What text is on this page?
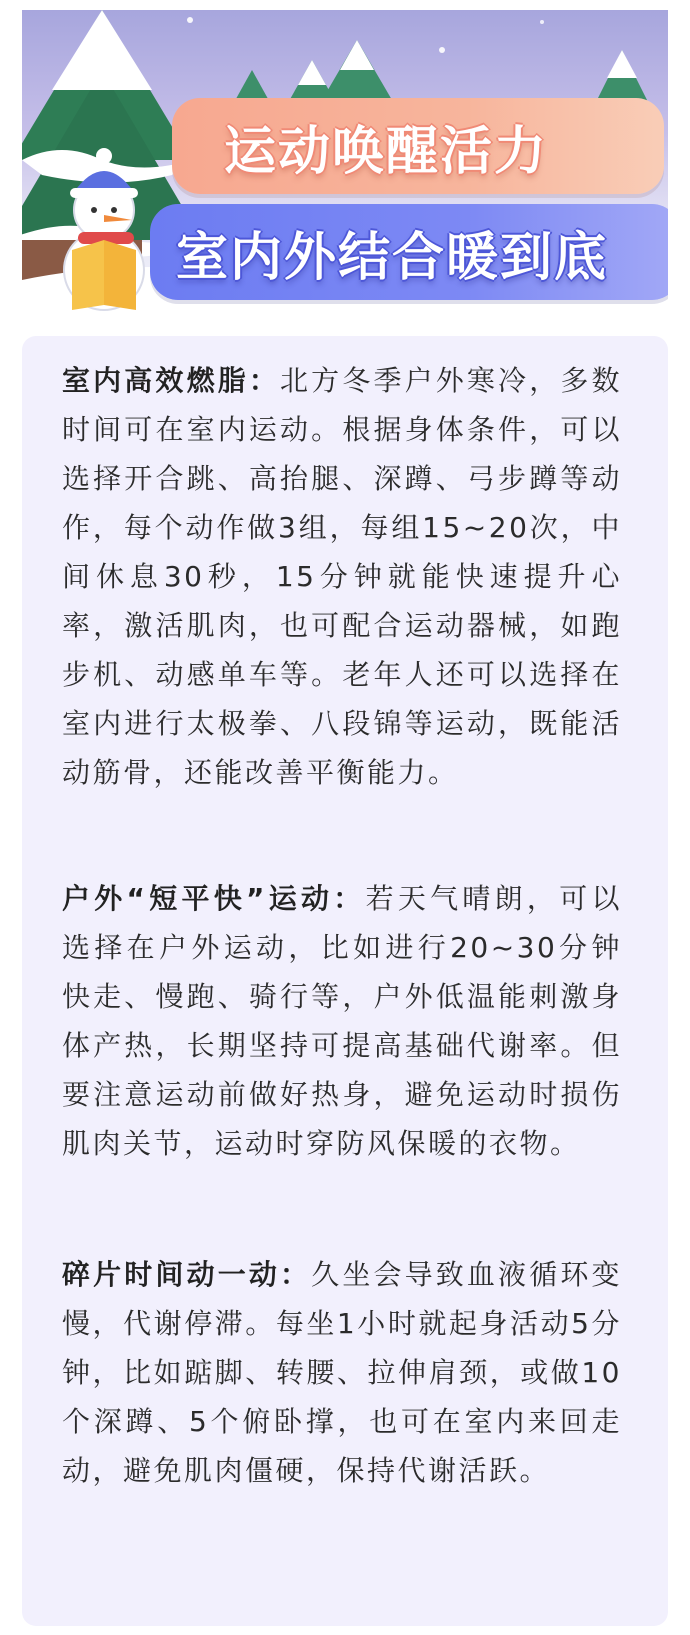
运动唤醒活力
室内外结合暖到底

室内高效燃脂：北方冬季户外寒冷，多数时间可在室内运动。根据身体条件，可以选择开合跳、高抬腿、深蹲、弓步蹲等动作，每个动作做3组，每组15~20次，中间休息30秒，15分钟就能快速提升心率，激活肌肉，也可配合运动器械，如跑步机、动感单车等。老年人还可以选择在室内进行太极拳、八段锦等运动，既能活动筋骨，还能改善平衡能力。

户外“短平快”运动：若天气晴朗，可以选择在户外运动，比如进行20~30分钟快走、慢跑、骑行等，户外低温能刺激身体产热，长期坚持可提高基础代谢率。但要注意运动前做好热身，避免运动时损伤肌肉关节，运动时穿防风保暖的衣物。

碎片时间动一动：久坐会导致血液循环变慢，代谢停滞。每坐1小时就起身活动5分钟，比如踮脚、转腰、拉伸肩颈，或做10个深蹲、5个俯卧撑，也可在室内来回走动，避免肌肉僵硬，保持代谢活跃。
